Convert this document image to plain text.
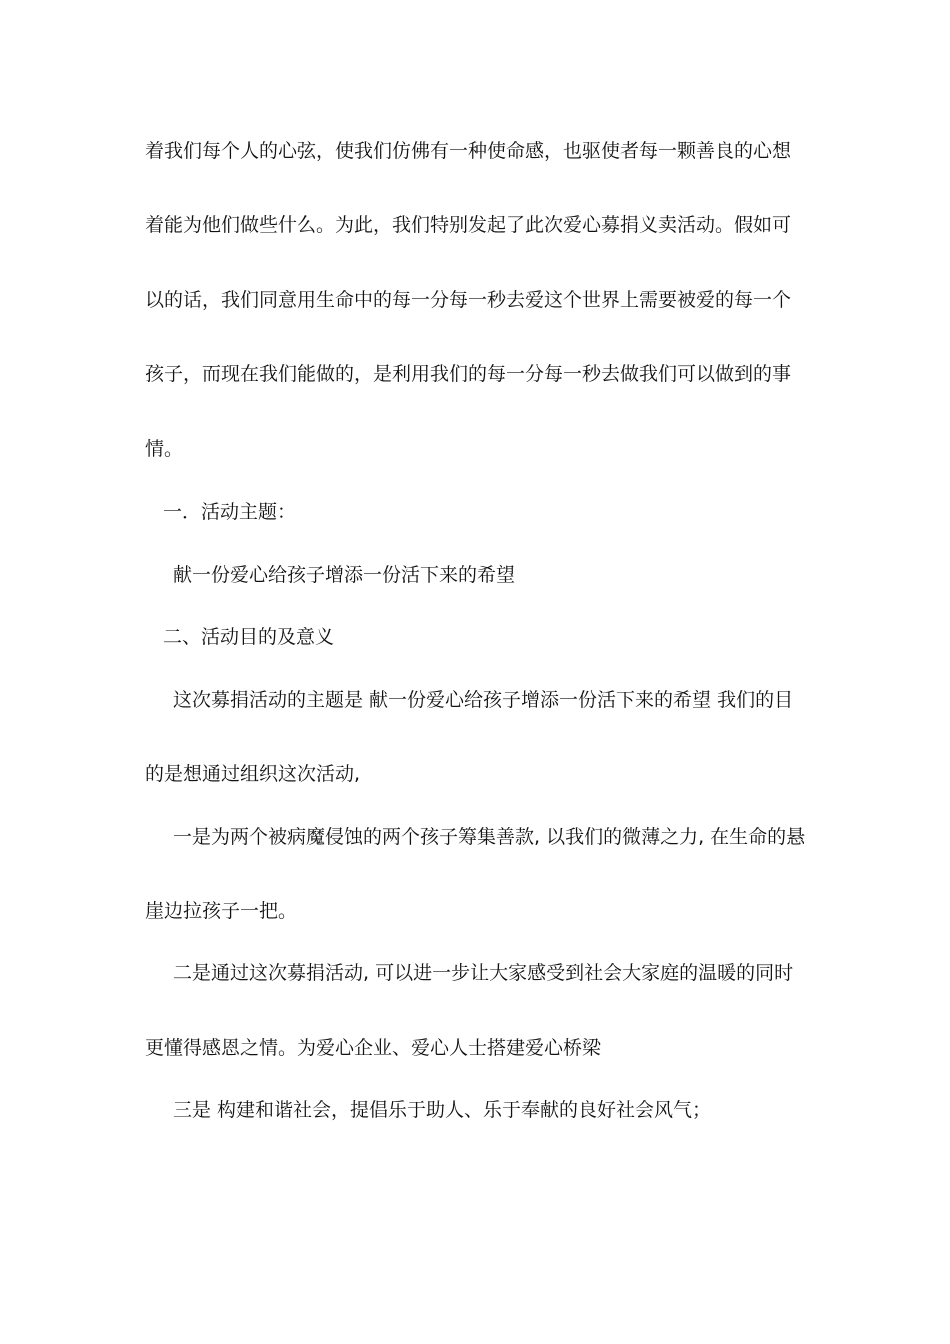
着我们每个人的心弦，使我们仿佛有一种使命感，也驱使者每一颗善良的心想
着能为他们做些什么。为此，我们特别发起了此次爱心募捐义卖活动。假如可
以的话，我们同意用生命中的每一分每一秒去爱这个世界上需要被爱的每一个
孩子，而现在我们能做的，是利用我们的每一分每一秒去做我们可以做到的事
情。
一．活动主题：
献一份爱心给孩子增添一份活下来的希望
二、活动目的及意义
这次募捐活动的主题是 献一份爱心给孩子增添一份活下来的希望 我们的目
的是想通过组织这次活动,
一是为两个被病魔侵蚀的两个孩子筹集善款, 以我们的微薄之力, 在生命的悬
崖边拉孩子一把。
二是通过这次募捐活动, 可以进一步让大家感受到社会大家庭的温暖的同时
更懂得感恩之情。为爱心企业、爱心人士搭建爱心桥梁
三是 构建和谐社会，提倡乐于助人、乐于奉献的良好社会风气；
